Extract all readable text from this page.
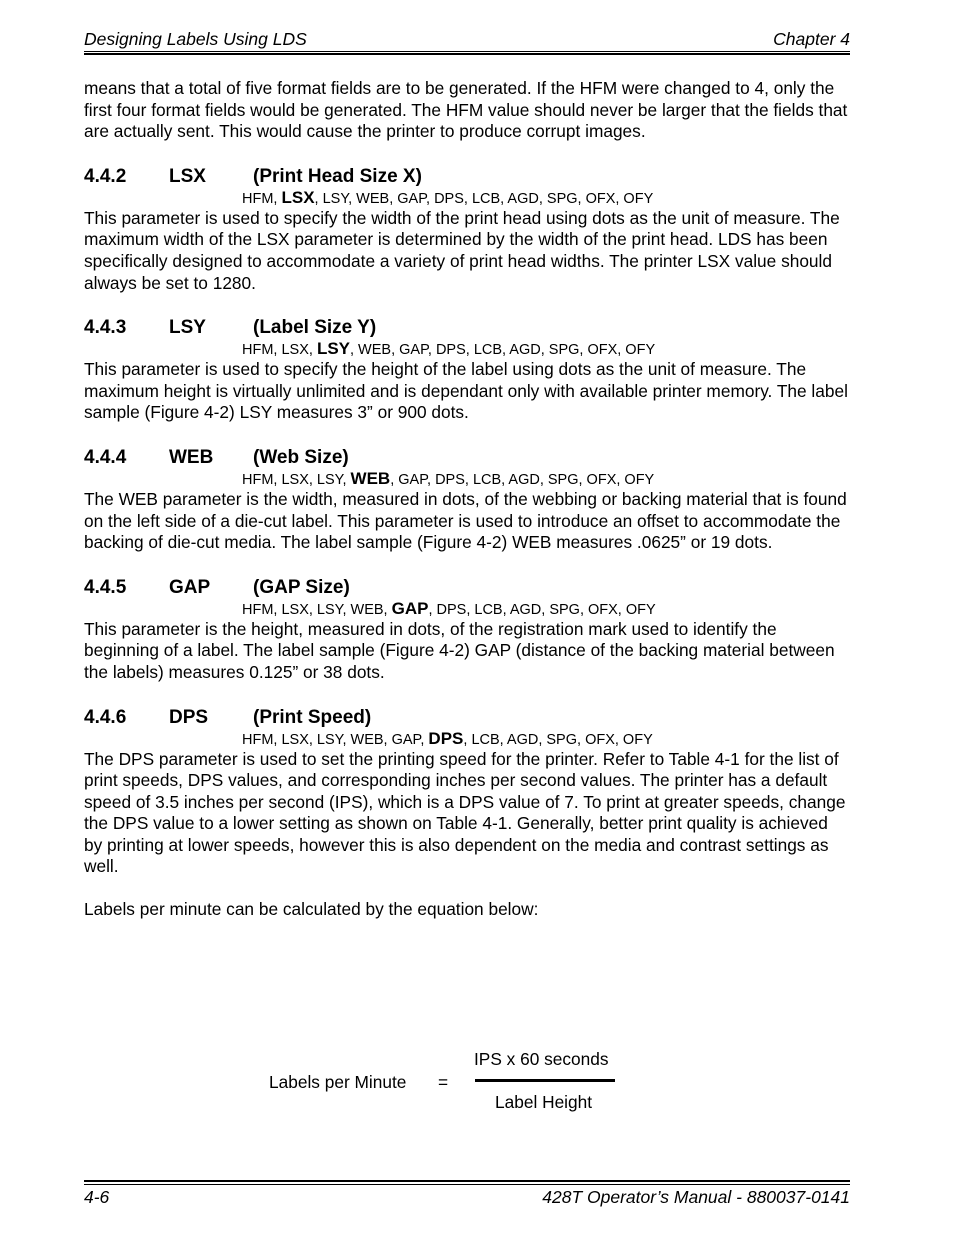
Designing Labels Using LDS	Chapter 4

means that a total of five format fields are to be generated. If the HFM were changed to 4, only the first four format fields would be generated. The HFM value should never be larger that the fields that are actually sent. This would cause the printer to produce corrupt images.

4.4.2 LSX (Print Head Size X)

HFM, LSX, LSY, WEB, GAP, DPS, LCB, AGD, SPG, OFX, OFY

This parameter is used to specify the width of the print head using dots as the unit of measure. The maximum width of the LSX parameter is determined by the width of the print head. LDS has been specifically designed to accommodate a variety of print head widths. The printer LSX value should always be set to 1280.

4.4.3 LSY (Label Size Y)

HFM, LSX, LSY, WEB, GAP, DPS, LCB, AGD, SPG, OFX, OFY

This parameter is used to specify the height of the label using dots as the unit of measure. The maximum height is virtually unlimited and is dependant only with available printer memory. The label sample (Figure 4-2) LSY measures 3” or 900 dots.

4.4.4 WEB (Web Size)

HFM, LSX, LSY, WEB, GAP, DPS, LCB, AGD, SPG, OFX, OFY

The WEB parameter is the width, measured in dots, of the webbing or backing material that is found on the left side of a die-cut label. This parameter is used to introduce an offset to accommodate the backing of die-cut media. The label sample (Figure 4-2) WEB measures .0625” or 19 dots.

4.4.5 GAP (GAP Size)

HFM, LSX, LSY, WEB, GAP, DPS, LCB, AGD, SPG, OFX, OFY

This parameter is the height, measured in dots, of the registration mark used to identify the beginning of a label. The label sample (Figure 4-2) GAP (distance of the backing material between the labels) measures 0.125” or 38 dots.

4.4.6 DPS (Print Speed)

HFM, LSX, LSY, WEB, GAP, DPS, LCB, AGD, SPG, OFX, OFY

The DPS parameter is used to set the printing speed for the printer. Refer to Table 4-1 for the list of print speeds, DPS values, and corresponding inches per second values. The printer has a default speed of 3.5 inches per second (IPS), which is a DPS value of 7. To print at greater speeds, change the DPS value to a lower setting as shown on Table 4-1. Generally, better print quality is achieved by printing at lower speeds, however this is also dependent on the media and contrast settings as well.

Labels per minute can be calculated by the equation below:

Labels per Minute =
IPS x 60 seconds
Label Height
4-6	428T Operator’s Manual - 880037-0141
